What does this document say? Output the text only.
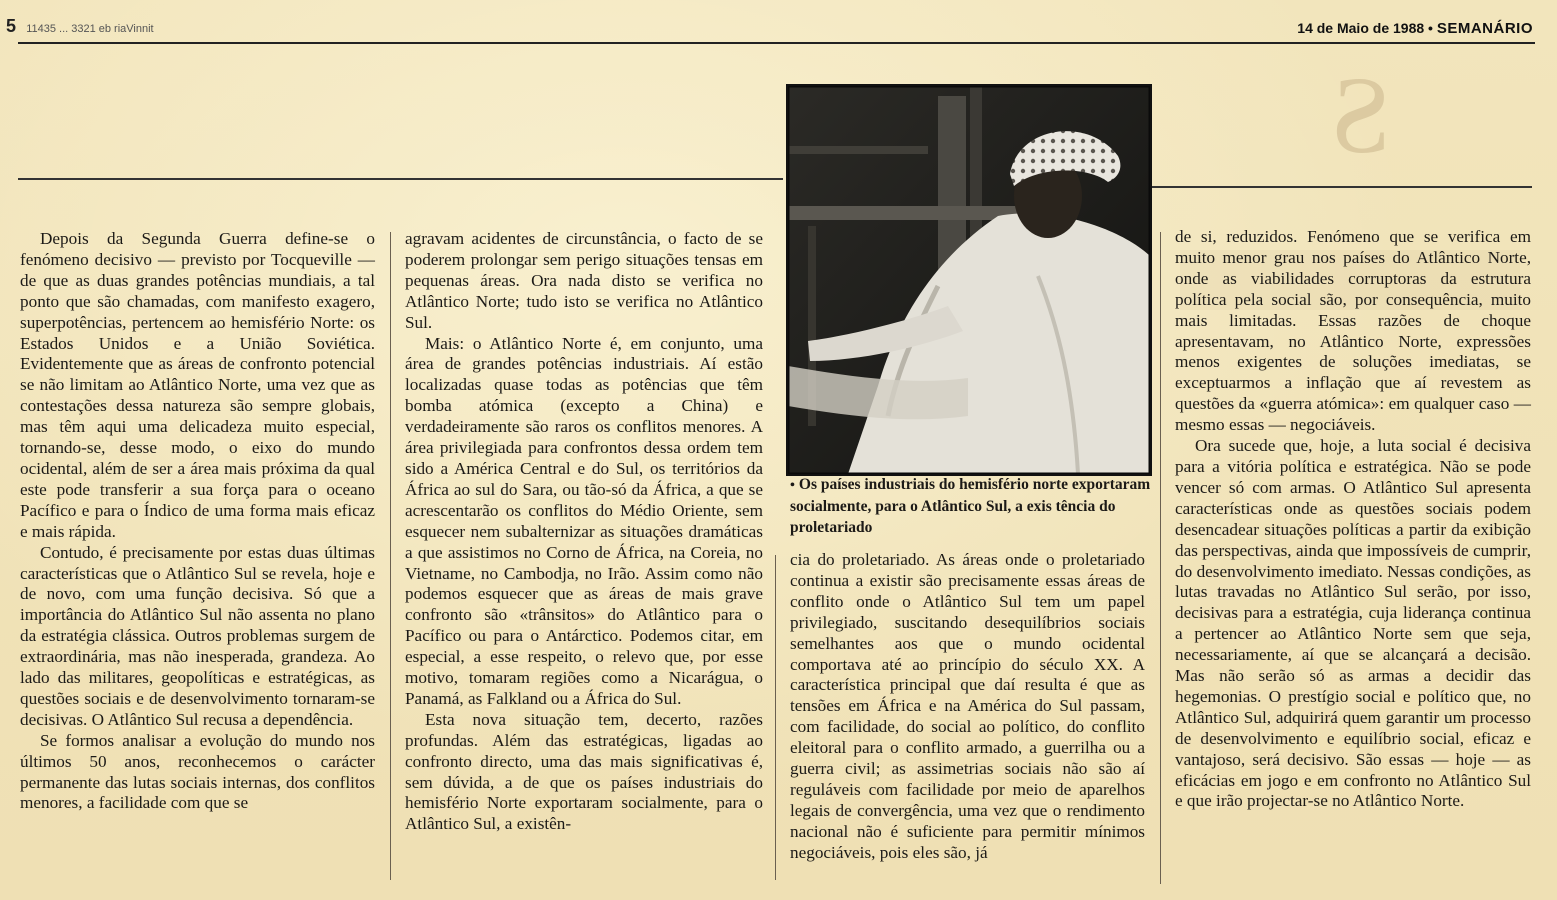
S
5 11435 ... 3321 eb riaVinnit	14 de Maio de 1988 • SEMANÁRIO
• Os países industriais do hemisfério norte exportaram socialmente, para o Atlântico Sul, a exis tência do proletariado

Depois da Segunda Guerra define-se o fenómeno decisivo — previsto por Tocqueville — de que as duas grandes potências mundiais, a tal ponto que são chamadas, com manifesto exagero, superpotências, pertencem ao hemisfério Norte: os Estados Unidos e a União Soviética. Evidentemente que as áreas de confronto potencial se não limitam ao Atlântico Norte, uma vez que as contestações dessa natureza são sempre globais, mas têm aqui uma delicadeza muito especial, tornando-se, desse modo, o eixo do mundo ocidental, além de ser a área mais próxima da qual este pode transferir a sua força para o oceano Pacífico e para o Índico de uma forma mais eficaz e mais rápida.

Contudo, é precisamente por estas duas últimas características que o Atlântico Sul se revela, hoje e de novo, com uma função decisiva. Só que a importância do Atlântico Sul não assenta no plano da estratégia clássica. Outros problemas surgem de extraordinária, mas não inesperada, grandeza. Ao lado das militares, geopolíticas e estratégicas, as questões sociais e de desenvolvimento tornaram-se decisivas. O Atlântico Sul recusa a dependência.

Se formos analisar a evolução do mundo nos últimos 50 anos, reconhecemos o carácter permanente das lutas sociais internas, dos conflitos menores, a facilidade com que se

agravam acidentes de circunstância, o facto de se poderem prolongar sem perigo situações tensas em pequenas áreas. Ora nada disto se verifica no Atlântico Norte; tudo isto se verifica no Atlântico Sul.

Mais: o Atlântico Norte é, em conjunto, uma área de grandes potências industriais. Aí estão localizadas quase todas as potências que têm bomba atómica (excepto a China) e verdadeiramente são raros os conflitos menores. A área privilegiada para confrontos dessa ordem tem sido a América Central e do Sul, os territórios da África ao sul do Sara, ou tão-só da África, a que se acrescentarão os conflitos do Médio Oriente, sem esquecer nem subalternizar as situações dramáticas a que assistimos no Corno de África, na Coreia, no Vietname, no Cambodja, no Irão. Assim como não podemos esquecer que as áreas de mais grave confronto são «trânsitos» do Atlântico para o Pacífico ou para o Antárctico. Podemos citar, em especial, a esse respeito, o relevo que, por esse motivo, tomaram regiões como a Nicarágua, o Panamá, as Falkland ou a África do Sul.

Esta nova situação tem, decerto, razões profundas. Além das estratégicas, ligadas ao confronto directo, uma das mais significativas é, sem dúvida, a de que os países industriais do hemisfério Norte exportaram socialmente, para o Atlântico Sul, a existên-

cia do proletariado. As áreas onde o proletariado continua a existir são precisamente essas áreas de conflito onde o Atlântico Sul tem um papel privilegiado, suscitando desequilíbrios sociais semelhantes aos que o mundo ocidental comportava até ao princípio do século XX. A característica principal que daí resulta é que as tensões em África e na América do Sul passam, com facilidade, do social ao político, do conflito eleitoral para o conflito armado, a guerrilha ou a guerra civil; as assimetrias sociais não são aí reguláveis com facilidade por meio de aparelhos legais de convergência, uma vez que o rendimento nacional não é suficiente para permitir mínimos negociáveis, pois eles são, já

de si, reduzidos. Fenómeno que se verifica em muito menor grau nos países do Atlântico Norte, onde as viabilidades corruptoras da estrutura política pela social são, por consequência, muito mais limitadas. Essas razões de choque apresentavam, no Atlântico Norte, expressões menos exigentes de soluções imediatas, se exceptuarmos a inflação que aí revestem as questões da «guerra atómica»: em qualquer caso — mesmo essas — negociáveis.

Ora sucede que, hoje, a luta social é decisiva para a vitória política e estratégica. Não se pode vencer só com armas. O Atlântico Sul apresenta características onde as questões sociais podem desencadear situações políticas a partir da exibição das perspectivas, ainda que impossíveis de cumprir, do desenvolvimento imediato. Nessas condições, as lutas travadas no Atlântico Sul serão, por isso, decisivas para a estratégia, cuja liderança continua a pertencer ao Atlântico Norte sem que seja, necessariamente, aí que se alcançará a decisão. Mas não serão só as armas a decidir das hegemonias. O prestígio social e político que, no Atlântico Sul, adquirirá quem garantir um processo de desenvolvimento e equilíbrio social, eficaz e vantajoso, será decisivo. São essas — hoje — as eficácias em jogo e em confronto no Atlântico Sul e que irão projectar-se no Atlântico Norte.
